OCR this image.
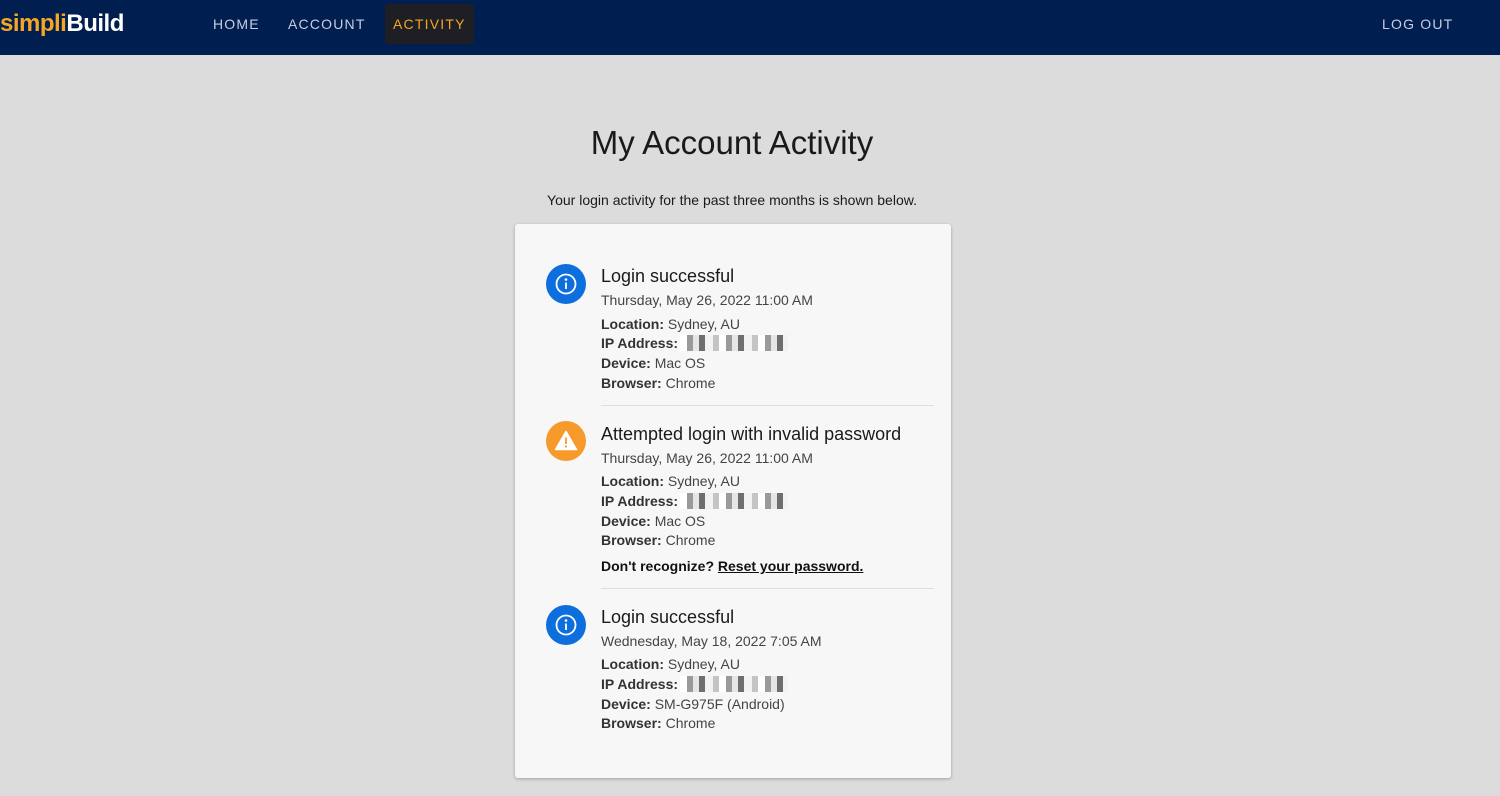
simpliBuild	HOME	ACCOUNT	ACTIVITY	LOG OUT
My Account Activity

Your login activity for the past three months is shown below.

Login successful
Thursday, May 26, 2022 11:00 AM
Location: Sydney, AU
IP Address:
Device: Mac OS
Browser: Chrome
Attempted login with invalid password
Thursday, May 26, 2022 11:00 AM
Location: Sydney, AU
IP Address:
Device: Mac OS
Browser: Chrome
Don't recognize? Reset your password.
Login successful
Wednesday, May 18, 2022 7:05 AM
Location: Sydney, AU
IP Address:
Device: SM-G975F (Android)
Browser: Chrome
